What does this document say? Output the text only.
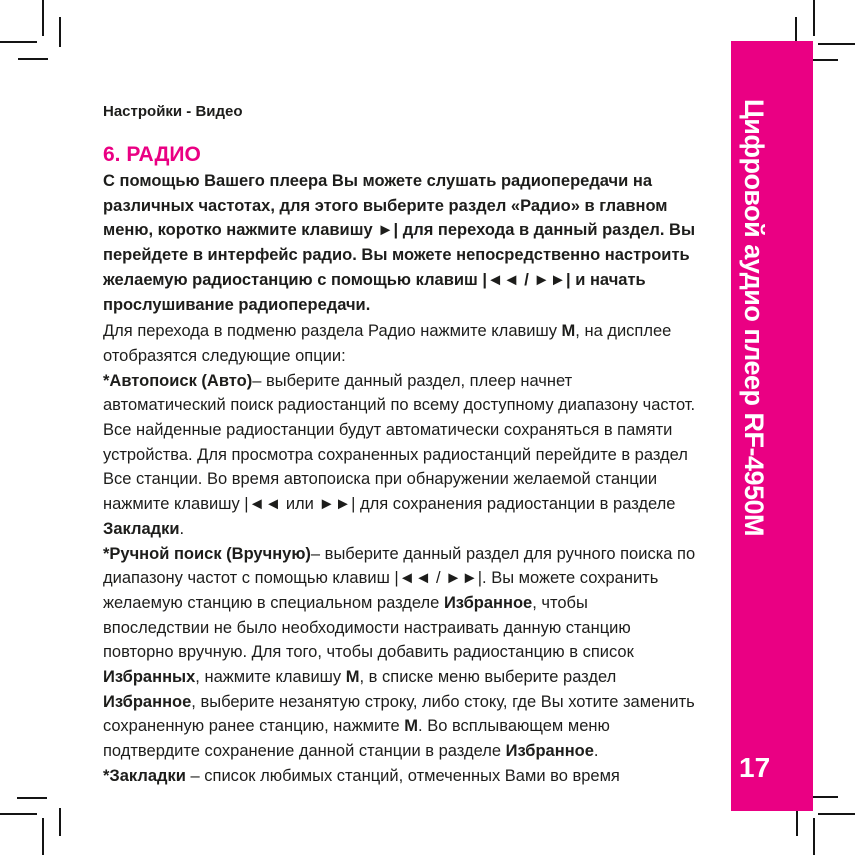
Настройки - Видео
6. РАДИО

С помощью Вашего плеера Вы можете слушать радиопередачи на различных частотах, для этого выберите раздел «Радио» в главном меню, коротко нажмите клавишу ►| для перехода в данный раздел. Вы перейдете в интерфейс радио. Вы можете непосредственно настроить желаемую радиостанцию с помощью клавиш |◄◄ / ►►| и начать прослушивание радиопередачи.

Для перехода в подменю раздела Радио нажмите клавишу М, на дисплее отобразятся следующие опции:

*Автопоиск (Авто)– выберите данный раздел, плеер начнет автоматический поиск радиостанций по всему доступному диапазону частот. Все найденные радиостанции будут автоматически сохраняться в памяти устройства. Для просмотра сохраненных радиостанций перейдите в раздел Все станции. Во время автопоиска при обнаружении желаемой станции нажмите клавишу |◄◄ или ►►| для сохранения радиостанции в разделе Закладки.

*Ручной поиск (Вручную)– выберите данный раздел для ручного поиска по диапазону частот с помощью клавиш |◄◄ / ►►|. Вы можете сохранить желаемую станцию в специальном разделе Избранное, чтобы впоследствии не было необходимости настраивать данную станцию повторно вручную. Для того, чтобы добавить радиостанцию в список Избранных, нажмите клавишу М, в списке меню выберите раздел Избранное, выберите незанятую строку, либо стоку, где Вы хотите заменить сохраненную ранее станцию, нажмите М. Во всплывающем меню подтвердите сохранение данной станции в разделе Избранное.

*Закладки – список любимых станций, отмеченных Вами во время

Цифровой аудио плеер RF-4950M
17
